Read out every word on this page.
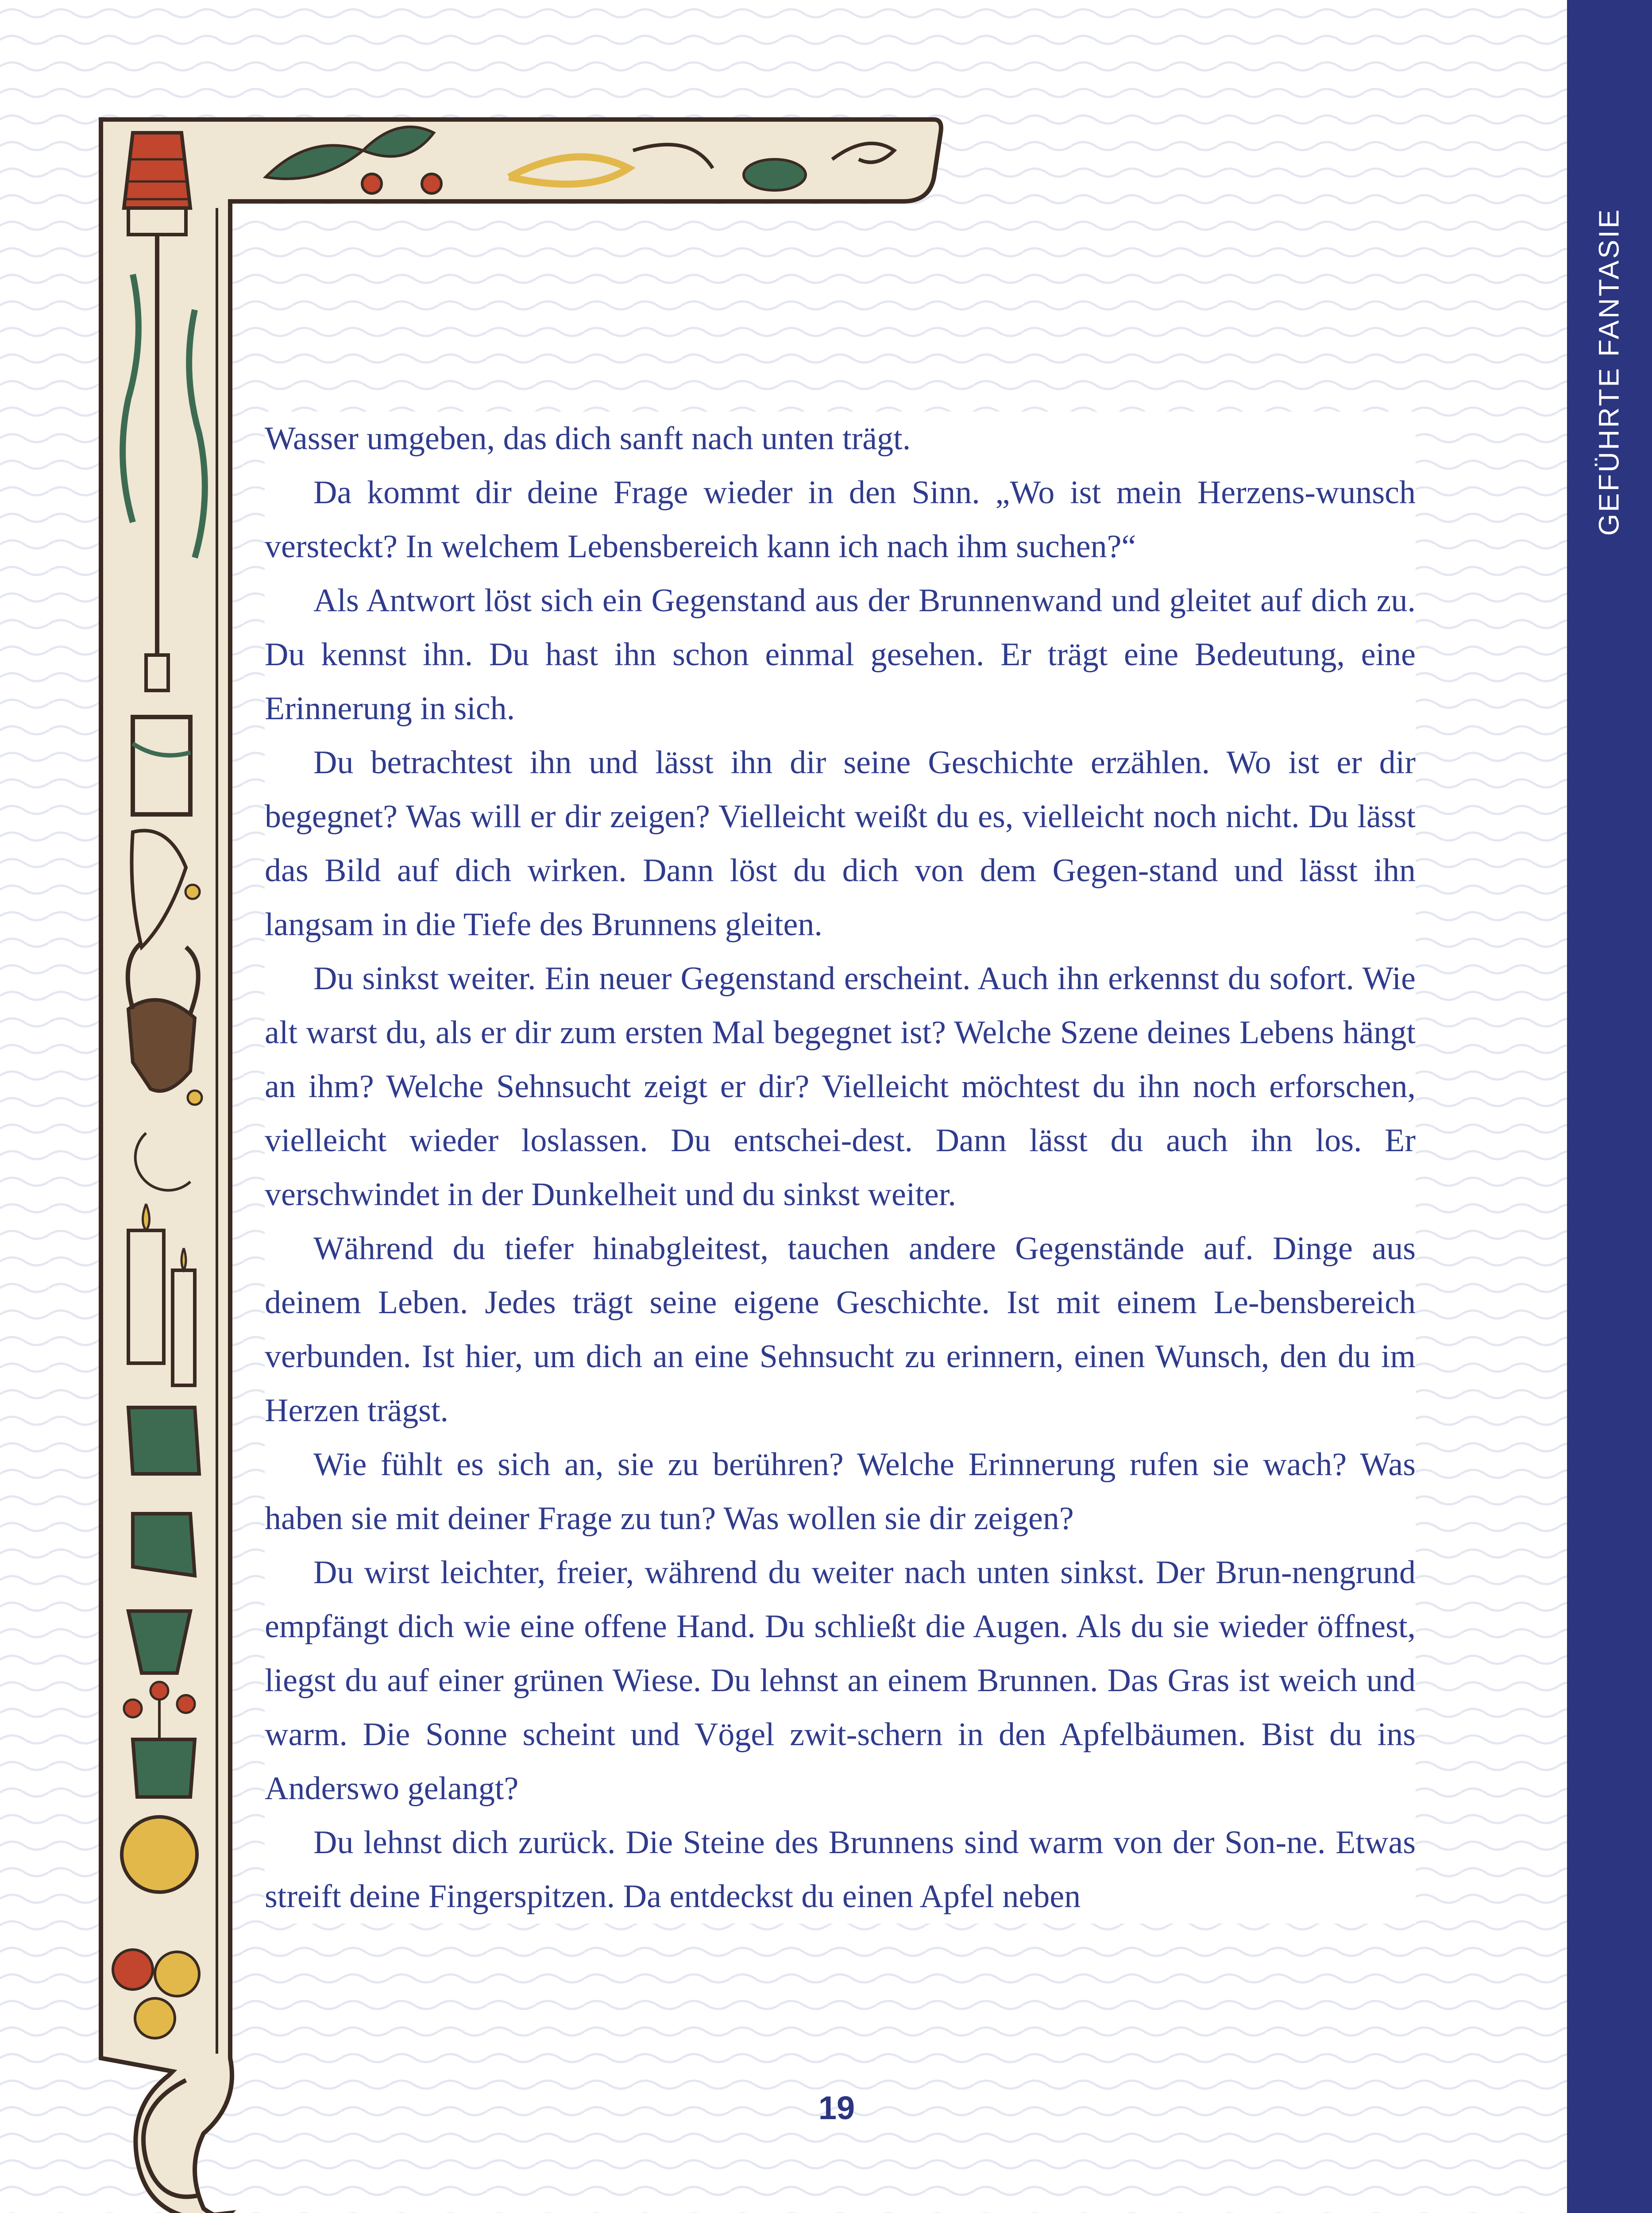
GEFÜHRTE FANTASIE

Wasser umgeben, das dich sanft nach unten trägt.

Da kommt dir deine Frage wieder in den Sinn. „Wo ist mein Herzens-wunsch versteckt? In welchem Lebensbereich kann ich nach ihm suchen?“

Als Antwort löst sich ein Gegenstand aus der Brunnenwand und gleitet auf dich zu. Du kennst ihn. Du hast ihn schon einmal gesehen. Er trägt eine Bedeutung, eine Erinnerung in sich.

Du betrachtest ihn und lässt ihn dir seine Geschichte erzählen. Wo ist er dir begegnet? Was will er dir zeigen? Vielleicht weißt du es, vielleicht noch nicht. Du lässt das Bild auf dich wirken. Dann löst du dich von dem Gegen-stand und lässt ihn langsam in die Tiefe des Brunnens gleiten.

Du sinkst weiter. Ein neuer Gegenstand erscheint. Auch ihn erkennst du sofort. Wie alt warst du, als er dir zum ersten Mal begegnet ist? Welche Szene deines Lebens hängt an ihm? Welche Sehnsucht zeigt er dir? Vielleicht möchtest du ihn noch erforschen, vielleicht wieder loslassen. Du entschei-dest. Dann lässt du auch ihn los. Er verschwindet in der Dunkelheit und du sinkst weiter.

Während du tiefer hinabgleitest, tauchen andere Gegenstände auf. Dinge aus deinem Leben. Jedes trägt seine eigene Geschichte. Ist mit einem Le-bensbereich verbunden. Ist hier, um dich an eine Sehnsucht zu erinnern, einen Wunsch, den du im Herzen trägst.

Wie fühlt es sich an, sie zu berühren? Welche Erinnerung rufen sie wach? Was haben sie mit deiner Frage zu tun? Was wollen sie dir zeigen?

Du wirst leichter, freier, während du weiter nach unten sinkst. Der Brun-nengrund empfängt dich wie eine offene Hand. Du schließt die Augen. Als du sie wieder öffnest, liegst du auf einer grünen Wiese. Du lehnst an einem Brunnen. Das Gras ist weich und warm. Die Sonne scheint und Vögel zwit-schern in den Apfelbäumen. Bist du ins Anderswo gelangt?

Du lehnst dich zurück. Die Steine des Brunnens sind warm von der Son-ne. Etwas streift deine Fingerspitzen. Da entdeckst du einen Apfel neben

19
